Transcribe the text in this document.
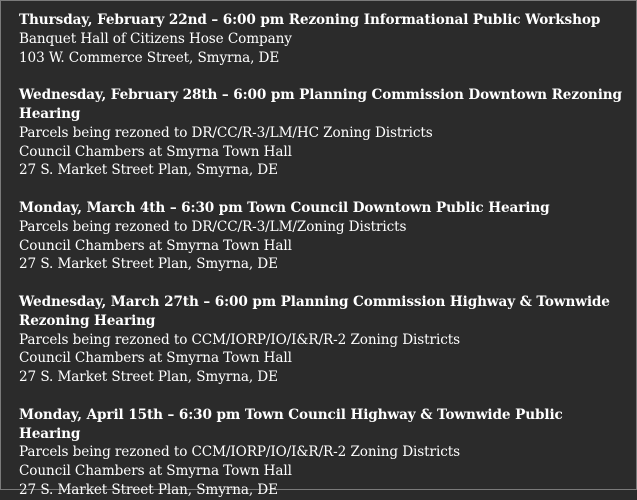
Thursday, February 22nd – 6:00 pm Rezoning Informational Public Workshop
Banquet Hall of Citizens Hose Company
103 W. Commerce Street, Smyrna, DE
Wednesday, February 28th – 6:00 pm Planning Commission Downtown Rezoning Hearing
Parcels being rezoned to DR/CC/R-3/LM/HC Zoning Districts
Council Chambers at Smyrna Town Hall
27 S. Market Street Plan, Smyrna, DE
Monday, March 4th – 6:30 pm Town Council Downtown Public Hearing
Parcels being rezoned to DR/CC/R-3/LM/Zoning Districts
Council Chambers at Smyrna Town Hall
27 S. Market Street Plan, Smyrna, DE
Wednesday, March 27th – 6:00 pm Planning Commission Highway & Townwide Rezoning Hearing
Parcels being rezoned to CCM/IORP/IO/I&R/R-2 Zoning Districts
Council Chambers at Smyrna Town Hall
27 S. Market Street Plan, Smyrna, DE
Monday, April 15th – 6:30 pm Town Council Highway & Townwide Public Hearing
Parcels being rezoned to CCM/IORP/IO/I&R/R-2 Zoning Districts
Council Chambers at Smyrna Town Hall
27 S. Market Street Plan, Smyrna, DE
